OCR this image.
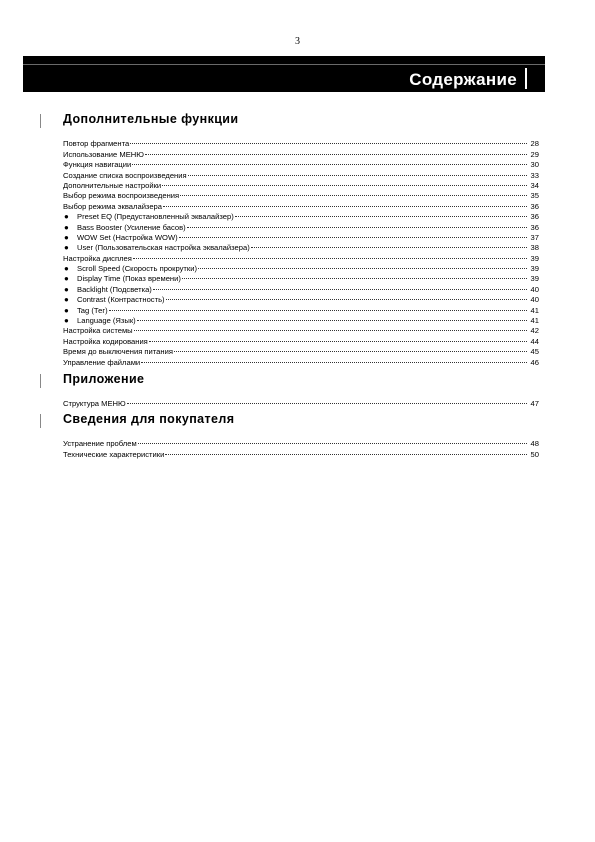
3
Содержание
Дополнительные функции
Повтор фрагмента	28
Использование МЕНЮ	29
Функция навигации	30
Создание списка воспроизведения	33
Дополнительные настройки	34
Выбор режима воспроизведения	35
Выбор режима эквалайзера	36
●	Preset EQ (Предустановленный эквалайзер)	36
●	Bass Booster (Усиление басов)	36
●	WOW Set (Настройка WOW)	37
●	User (Пользовательская настройка эквалайзера)	38
Настройка дисплея	39
●	Scroll Speed (Скорость прокрутки)	39
●	Display Time (Показ времени)	39
●	Backlight (Подсветка)	40
●	Contrast (Контрастность)	40
●	Tag (Тег)	41
●	Language (Язык)	41
Настройка системы	42
Настройка кодирования	44
Время до выключения питания	45
Управление файлами	46
Приложение
Структура МЕНЮ	47
Сведения для покупателя
Устранение проблем	48
Технические характеристики	50
